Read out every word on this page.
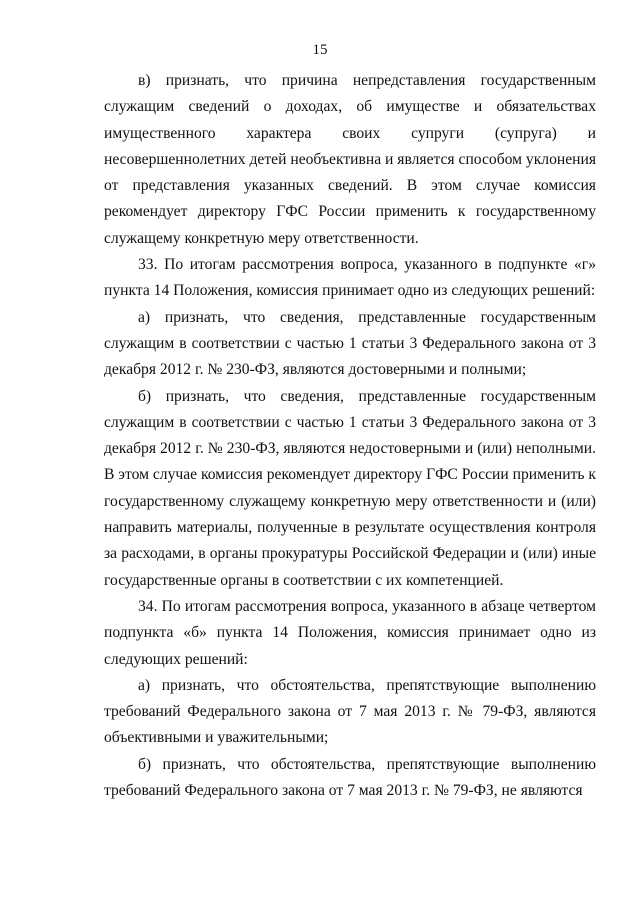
15

в) признать, что причина непредставления государственным служащим сведений о доходах, об имуществе и обязательствах имущественного характера своих супруги (супруга) и несовершеннолетних детей необъективна и является способом уклонения от представления указанных сведений. В этом случае комиссия рекомендует директору ГФС России применить к государственному служащему конкретную меру ответственности.

33. По итогам рассмотрения вопроса, указанного в подпункте «г» пункта 14 Положения, комиссия принимает одно из следующих решений:

а) признать, что сведения, представленные государственным служащим в соответствии с частью 1 статьи 3 Федерального закона от 3 декабря 2012 г. № 230-ФЗ, являются достоверными и полными;

б) признать, что сведения, представленные государственным служащим в соответствии с частью 1 статьи 3 Федерального закона от 3 декабря 2012 г. № 230-ФЗ, являются недостоверными и (или) неполными. В этом случае комиссия рекомендует директору ГФС России применить к государственному служащему конкретную меру ответственности и (или) направить материалы, полученные в результате осуществления контроля за расходами, в органы прокуратуры Российской Федерации и (или) иные государственные органы в соответствии с их компетенцией.

34. По итогам рассмотрения вопроса, указанного в абзаце четвертом подпункта «б» пункта 14 Положения, комиссия принимает одно из следующих решений:

а) признать, что обстоятельства, препятствующие выполнению требований Федерального закона от 7 мая 2013 г. № 79-ФЗ, являются объективными и уважительными;

б) признать, что обстоятельства, препятствующие выполнению требований Федерального закона от 7 мая 2013 г. № 79-ФЗ, не являются
